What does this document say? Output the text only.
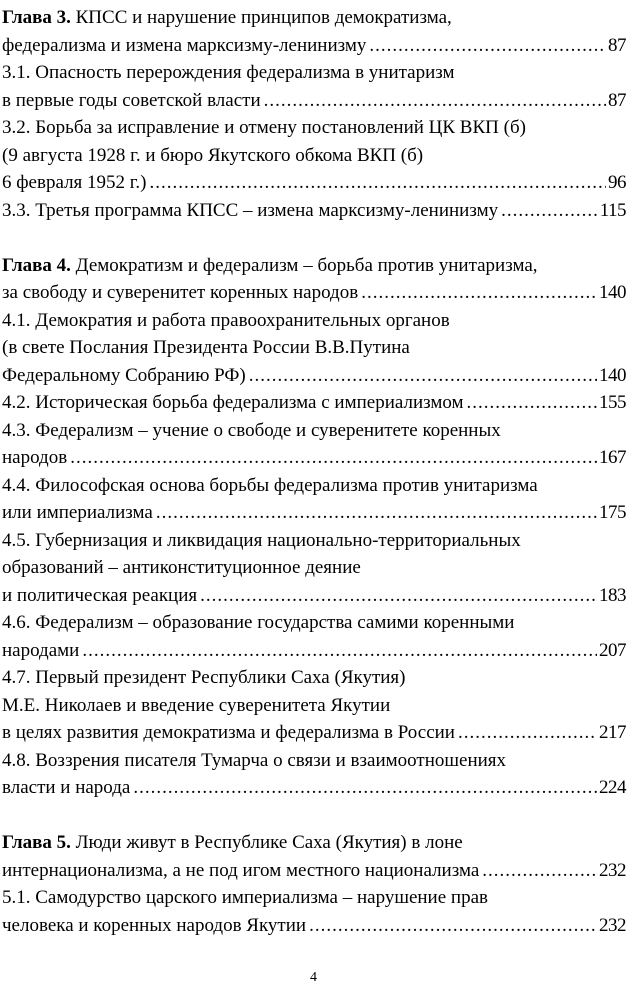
Глава 3. КПСС и нарушение принципов демократизма,
федерализма и измена марксизму-ленинизму .....	87
3.1. Опасность перерождения федерализма в унитаризм
в первые годы советской власти .....	87
3.2. Борьба за исправление и отмену постановлений ЦК ВКП (б)
(9 августа 1928 г. и бюро Якутского обкома ВКП (б)
6 февраля 1952 г.) .....	96
3.3. Третья программа КПСС – измена марксизму-ленинизму .....	115
Глава 4. Демократизм и федерализм – борьба против унитаризма,
за свободу и суверенитет коренных народов .....	140
4.1. Демократия и работа правоохранительных органов
(в свете Послания Президента России В.В.Путина
Федеральному Собранию РФ) .....	140
4.2. Историческая борьба федерализма с империализмом .....	155
4.3. Федерализм – учение о свободе и суверенитете коренных
народов .....	167
4.4. Философская основа борьбы федерализма против унитаризма
или империализма .....	175
4.5. Губернизация и ликвидация национально-территориальных
образований – антиконституционное деяние
и политическая реакция .....	183
4.6. Федерализм – образование государства самими коренными
народами .....	207
4.7. Первый президент Республики Саха (Якутия)
М.Е. Николаев и введение суверенитета Якутии
в целях развития демократизма и федерализма в России .....	217
4.8. Воззрения писателя Тумарча о связи и взаимоотношениях
власти и народа .....	224
Глава 5. Люди живут в Республике Саха (Якутия) в лоне
интернационализма, а не под игом местного национализма .....	232
5.1. Самодурство царского империализма – нарушение прав
человека и коренных народов Якутии .....	232
4
